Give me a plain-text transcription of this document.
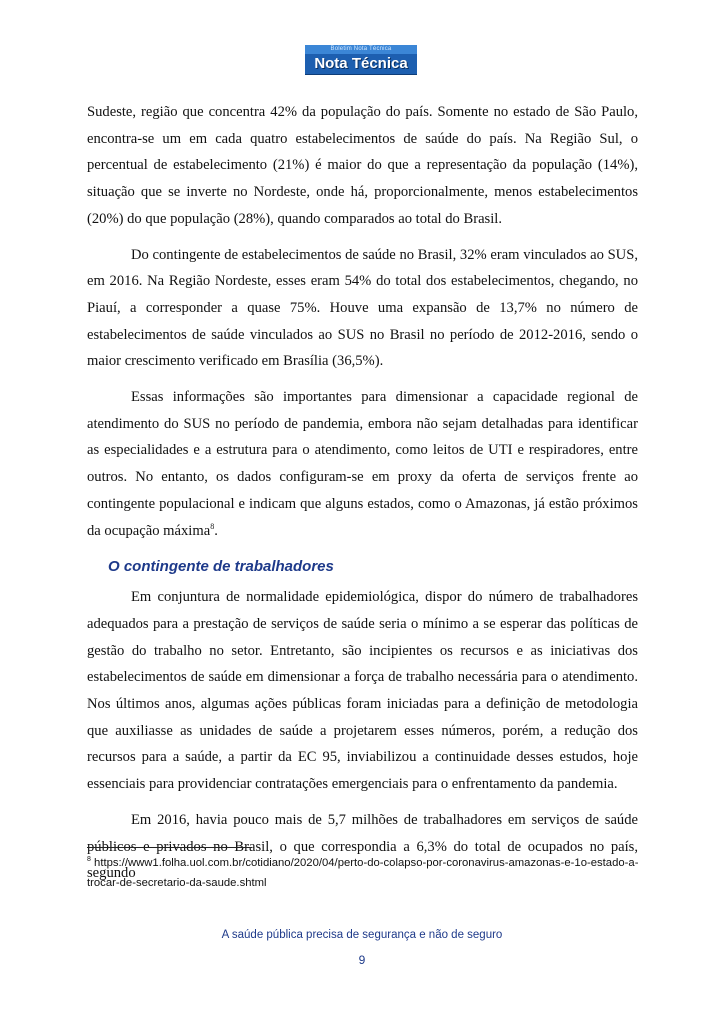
Boletim Nota Técnica
Nota Técnica

Sudeste, região que concentra 42% da população do país. Somente no estado de São Paulo, encontra-se um em cada quatro estabelecimentos de saúde do país. Na Região Sul, o percentual de estabelecimento (21%) é maior do que a representação da população (14%), situação que se inverte no Nordeste, onde há, proporcionalmente, menos estabelecimentos (20%) do que população (28%), quando comparados ao total do Brasil.

Do contingente de estabelecimentos de saúde no Brasil, 32% eram vinculados ao SUS, em 2016. Na Região Nordeste, esses eram 54% do total dos estabelecimentos, chegando, no Piauí, a corresponder a quase 75%. Houve uma expansão de 13,7% no número de estabelecimentos de saúde vinculados ao SUS no Brasil no período de 2012-2016, sendo o maior crescimento verificado em Brasília (36,5%).

Essas informações são importantes para dimensionar a capacidade regional de atendimento do SUS no período de pandemia, embora não sejam detalhadas para identificar as especialidades e a estrutura para o atendimento, como leitos de UTI e respiradores, entre outros. No entanto, os dados configuram-se em proxy da oferta de serviços frente ao contingente populacional e indicam que alguns estados, como o Amazonas, já estão próximos da ocupação máxima$^8$.

O contingente de trabalhadores

Em conjuntura de normalidade epidemiológica, dispor do número de trabalhadores adequados para a prestação de serviços de saúde seria o mínimo a se esperar das políticas de gestão do trabalho no setor. Entretanto, são incipientes os recursos e as iniciativas dos estabelecimentos de saúde em dimensionar a força de trabalho necessária para o atendimento. Nos últimos anos, algumas ações públicas foram iniciadas para a definição de metodologia que auxiliasse as unidades de saúde a projetarem esses números, porém, a redução dos recursos para a saúde, a partir da EC 95, inviabilizou a continuidade desses estudos, hoje essenciais para providenciar contratações emergenciais para o enfrentamento da pandemia.

Em 2016, havia pouco mais de 5,7 milhões de trabalhadores em serviços de saúde públicos e privados no Brasil, o que correspondia a 6,3% do total de ocupados no país, segundo

$^8$ https://www1.folha.uol.com.br/cotidiano/2020/04/perto-do-colapso-por-coronavirus-amazonas-e-1o-estado-a-trocar-de-secretario-da-saude.shtml
A saúde pública precisa de segurança e não de seguro
9
